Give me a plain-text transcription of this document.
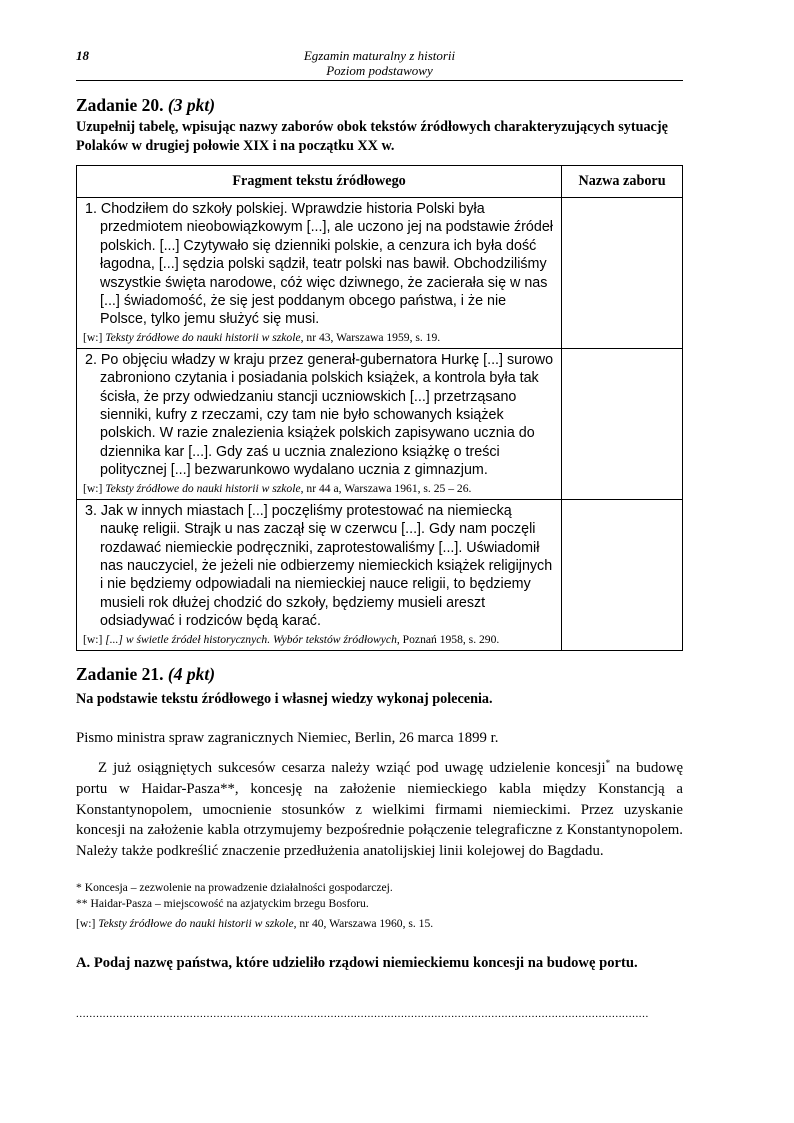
18	Egzamin maturalny z historii
Poziom podstawowy
Zadanie 20. (3 pkt)
Uzupełnij tabelę, wpisując nazwy zaborów obok tekstów źródłowych charakteryzujących sytuację Polaków w drugiej połowie XIX i na początku XX w.
Fragment tekstu źródłowego	Nazwa zaboru

1. Chodziłem do szkoły polskiej. Wprawdzie historia Polski była przedmiotem nieobowiązkowym [...], ale uczono jej na podstawie źródeł polskich. [...] Czytywało się dzienniki polskie, a cenzura ich była dość łagodna, [...] sędzia polski sądził, teatr polski nas bawił. Obchodziliśmy wszystkie święta narodowe, cóż więc dziwnego, że zacierała się w nas [...] świadomość, że się jest poddanym obcego państwa, i że nie Polsce, tylko jemu służyć się musi.
[w:] Teksty źródłowe do nauki historii w szkole, nr 43, Warszawa 1959, s. 19.	

2. Po objęciu władzy w kraju przez generał-gubernatora Hurkę [...] surowo zabroniono czytania i posiadania polskich książek, a kontrola była tak ścisła, że przy odwiedzaniu stancji uczniowskich [...] przetrząsano sienniki, kufry z rzeczami, czy tam nie było schowanych książek polskich. W razie znalezienia książek polskich zapisywano ucznia do dziennika kar [...]. Gdy zaś u ucznia znaleziono książkę o treści politycznej [...] bezwarunkowo wydalano ucznia z gimnazjum.
[w:] Teksty źródłowe do nauki historii w szkole, nr 44 a, Warszawa 1961, s. 25 – 26.	

3. Jak w innych miastach [...] poczęliśmy protestować na niemiecką naukę religii. Strajk u nas zaczął się w czerwcu [...]. Gdy nam poczęli rozdawać niemieckie podręczniki, zaprotestowaliśmy [...]. Uświadomił nas nauczyciel, że jeżeli nie odbierzemy niemieckich książek religijnych i nie będziemy odpowiadali na niemieckiej nauce religii, to będziemy musieli rok dłużej chodzić do szkoły, będziemy musieli areszt odsiadywać i rodziców będą karać.
[w:] [...] w świetle źródeł historycznych. Wybór tekstów źródłowych, Poznań 1958, s. 290.	

Zadanie 21. (4 pkt)
Na podstawie tekstu źródłowego i własnej wiedzy wykonaj polecenia.
Pismo ministra spraw zagranicznych Niemiec, Berlin, 26 marca 1899 r.
Z już osiągniętych sukcesów cesarza należy wziąć pod uwagę udzielenie koncesji* na budowę portu w Haidar-Pasza**, koncesję na założenie niemieckiego kabla między Konstancją a Konstantynopolem, umocnienie stosunków z wielkimi firmami niemieckimi. Przez uzyskanie koncesji na założenie kabla otrzymujemy bezpośrednie połączenie telegraficzne z Konstantynopolem. Należy także podkreślić znaczenie przedłużenia anatolijskiej linii kolejowej do Bagdadu.
* Koncesja – zezwolenie na prowadzenie działalności gospodarczej.
** Haidar-Pasza – miejscowość na azjatyckim brzegu Bosforu.
[w:] Teksty źródłowe do nauki historii w szkole, nr 40, Warszawa 1960, s. 15.
A. Podaj nazwę państwa, które udzieliło rządowi niemieckiemu koncesji na budowę portu.
...........................................................................................................................................................................
